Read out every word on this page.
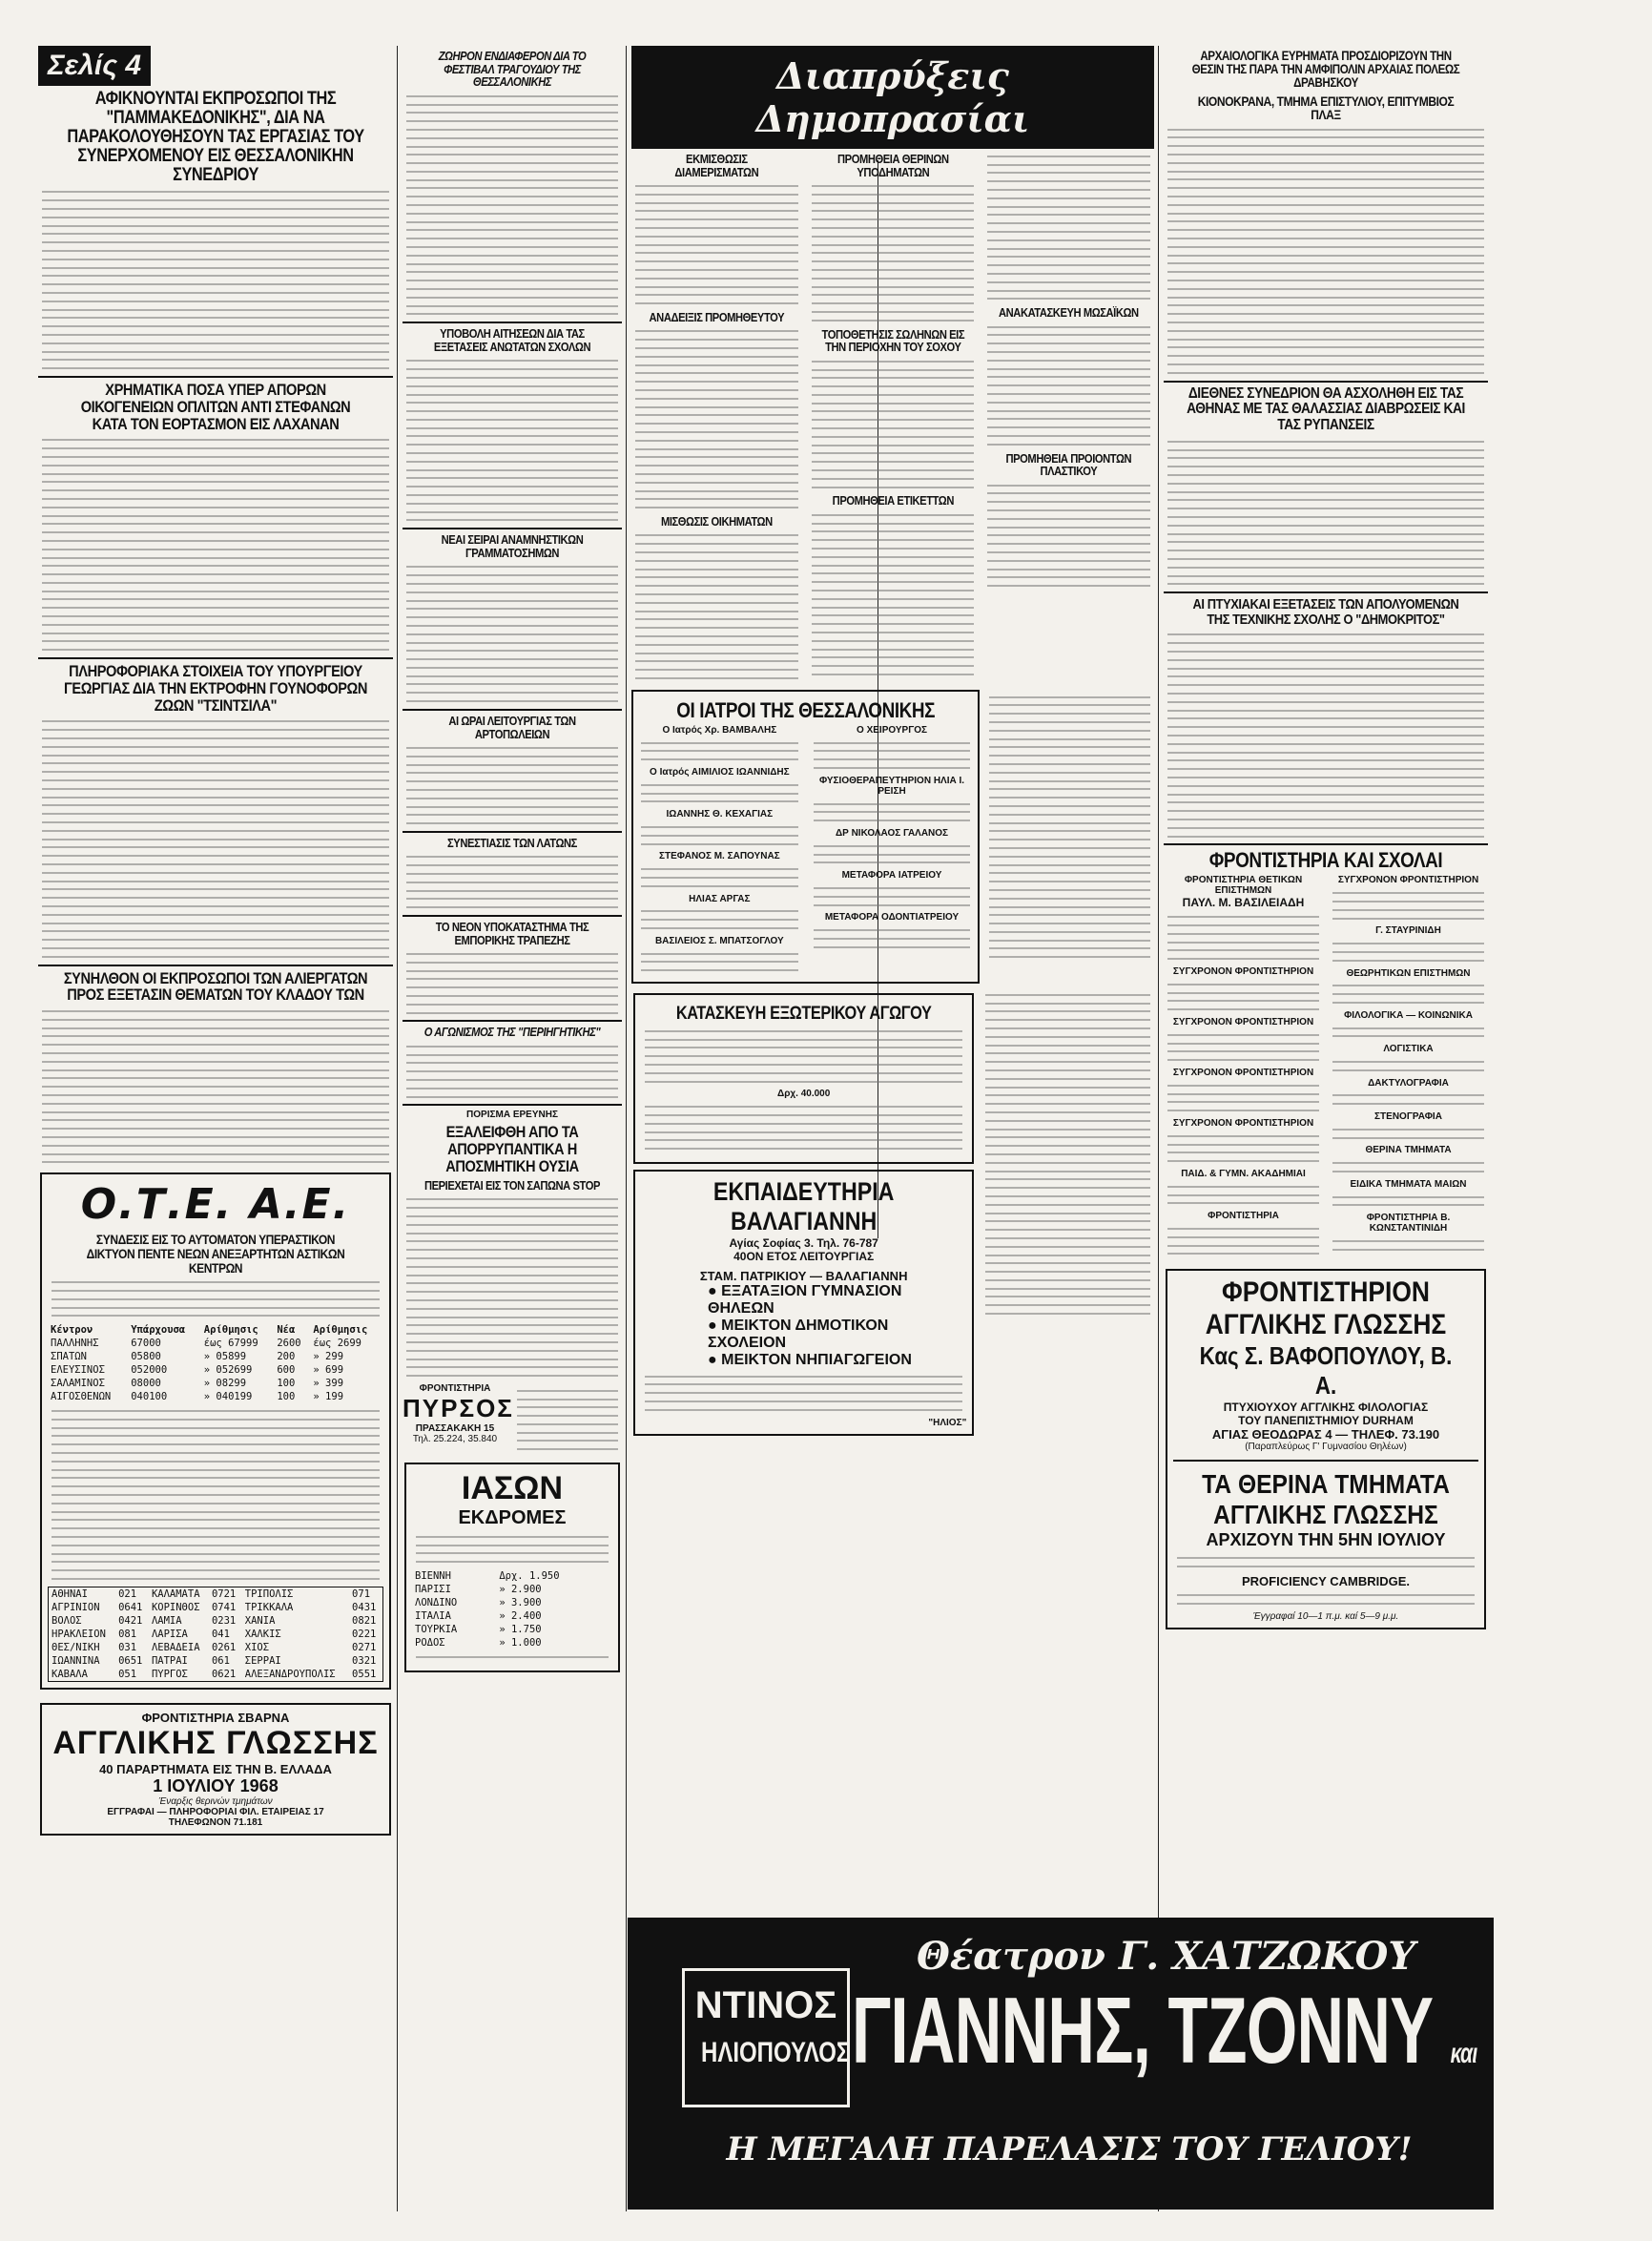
Σελίς 4
ΑΦΙΚΝΟΥΝΤΑΙ ΕΚΠΡΟΣΩΠΟΙ ΤΗΣ "ΠΑΜΜΑΚΕΔΟΝΙΚΗΣ", ΔΙΑ ΝΑ ΠΑΡΑΚΟΛΟΥΘΗΣΟΥΝ ΤΑΣ ΕΡΓΑΣΙΑΣ ΤΟΥ ΣΥΝΕΡΧΟΜΕΝΟΥ ΕΙΣ ΘΕΣΣΑΛΟΝΙΚΗΝ ΣΥΝΕΔΡΙΟΥ
ΧΡΗΜΑΤΙΚΑ ΠΟΣΑ ΥΠΕΡ ΑΠΟΡΩΝ ΟΙΚΟΓΕΝΕΙΩΝ ΟΠΛΙΤΩΝ ΑΝΤΙ ΣΤΕΦΑΝΩΝ ΚΑΤΑ ΤΟΝ ΕΟΡΤΑΣΜΟΝ ΕΙΣ ΛΑΧΑΝΑΝ
ΠΛΗΡΟΦΟΡΙΑΚΑ ΣΤΟΙΧΕΙΑ ΤΟΥ ΥΠΟΥΡΓΕΙΟΥ ΓΕΩΡΓΙΑΣ ΔΙΑ ΤΗΝ ΕΚΤΡΟΦΗΝ ΓΟΥΝΟΦΟΡΩΝ ΖΩΩΝ "ΤΣΙΝΤΣΙΛΑ"
ΣΥΝΗΛΘΟΝ ΟΙ ΕΚΠΡΟΣΩΠΟΙ ΤΩΝ ΑΛΙΕΡΓΑΤΩΝ ΠΡΟΣ ΕΞΕΤΑΣΙΝ ΘΕΜΑΤΩΝ ΤΟΥ ΚΛΑΔΟΥ ΤΩΝ
Ο.Τ.Ε. Α.Ε.
ΣΥΝΔΕΣΙΣ ΕΙΣ ΤΟ ΑΥΤΟΜΑΤΟΝ ΥΠΕΡΑΣΤΙΚΟΝ ΔΙΚΤΥΟΝ ΠΕΝΤΕ ΝΕΩΝ ΑΝΕΞΑΡΤΗΤΩΝ ΑΣΤΙΚΩΝ ΚΕΝΤΡΩΝ
Κέντρον	Υπάρχουσα	Αρίθμησις	Νέα	Αρίθμησις
ΠΑΛΛΗΝΗΣ	67000	έως 67999	2600	έως 2699
ΣΠΑΤΩΝ	05800	» 05899	200	» 299
ΕΛΕΥΣΙΝΟΣ	052000	» 052699	600	» 699
ΣΑΛΑΜΙΝΟΣ	08000	» 08299	100	» 399
ΑΙΓΟΣΘΕΝΩΝ	040100	» 040199	100	» 199
ΑΘΗΝΑΙ	021	ΚΑΛΑΜΑΤΑ	0721	ΤΡΙΠΟΛΙΣ	071
ΑΓΡΙΝΙΟΝ	0641	ΚΟΡΙΝΘΟΣ	0741	ΤΡΙΚΚΑΛΑ	0431
ΒΟΛΟΣ	0421	ΛΑΜΙΑ	0231	ΧΑΝΙΑ	0821
ΗΡΑΚΛΕΙΟΝ	081	ΛΑΡΙΣΑ	041	ΧΑΛΚΙΣ	0221
ΘΕΣ/ΝΙΚΗ	031	ΛΕΒΑΔΕΙΑ	0261	ΧΙΟΣ	0271
ΙΩΑΝΝΙΝΑ	0651	ΠΑΤΡΑΙ	061	ΣΕΡΡΑΙ	0321
ΚΑΒΑΛΑ	051	ΠΥΡΓΟΣ	0621	ΑΛΕΞΑΝΔΡΟΥΠΟΛΙΣ	0551
ΦΡΟΝΤΙΣΤΗΡΙΑ ΣΒΑΡΝΑ
ΑΓΓΛΙΚΗΣ ΓΛΩΣΣΗΣ
40 ΠΑΡΑΡΤΗΜΑΤΑ ΕΙΣ ΤΗΝ Β. ΕΛΛΑΔΑ
1 ΙΟΥΛΙΟΥ 1968
Έναρξις θερινών τμημάτων
ΕΓΓΡΑΦΑΙ — ΠΛΗΡΟΦΟΡΙΑΙ ΦΙΛ. ΕΤΑΙΡΕΙΑΣ 17
ΤΗΛΕΦΩΝΟΝ 71.181
ΖΩΗΡΟΝ ΕΝΔΙΑΦΕΡΟΝ ΔΙΑ ΤΟ ΦΕΣΤΙΒΑΛ ΤΡΑΓΟΥΔΙΟΥ ΤΗΣ ΘΕΣΣΑΛΟΝΙΚΗΣ
ΥΠΟΒΟΛΗ ΑΙΤΗΣΕΩΝ ΔΙΑ ΤΑΣ ΕΞΕΤΑΣΕΙΣ ΑΝΩΤΑΤΩΝ ΣΧΟΛΩΝ
ΝΕΑΙ ΣΕΙΡΑΙ ΑΝΑΜΝΗΣΤΙΚΩΝ ΓΡΑΜΜΑΤΟΣΗΜΩΝ
ΑΙ ΩΡΑΙ ΛΕΙΤΟΥΡΓΙΑΣ ΤΩΝ ΑΡΤΟΠΩΛΕΙΩΝ
ΣΥΝΕΣΤΙΑΣΙΣ ΤΩΝ ΛΑΤΩΝΣ
ΤΟ ΝΕΟΝ ΥΠΟΚΑΤΑΣΤΗΜΑ ΤΗΣ ΕΜΠΟΡΙΚΗΣ ΤΡΑΠΕΖΗΣ
Ο ΑΓΩΝΙΣΜΟΣ ΤΗΣ "ΠΕΡΙΗΓΗΤΙΚΗΣ"
ΠΟΡΙΣΜΑ ΕΡΕΥΝΗΣ
ΕΞΑΛΕΙΦΘΗ ΑΠΟ ΤΑ ΑΠΟΡΡΥΠΑΝΤΙΚΑ Η ΑΠΟΣΜΗΤΙΚΗ ΟΥΣΙΑ
ΠΕΡΙΕΧΕΤΑΙ ΕΙΣ ΤΟΝ ΣΑΠΩΝΑ STOP
ΦΡΟΝΤΙΣΤΗΡΙΑ
ΠΥΡΣΟΣ
ΠΡΑΣΣΑΚΑΚΗ 15
Τηλ. 25.224, 35.840
ΙΑΣΩΝ
ΕΚΔΡΟΜΕΣ
ΒΙΕΝΝΗ	Δρχ. 1.950
ΠΑΡΙΣΙ	» 2.900
ΛΟΝΔΙΝΟ	» 3.900
ΙΤΑΛΙΑ	» 2.400
ΤΟΥΡΚΙΑ	» 1.750
ΡΟΔΟΣ	» 1.000
Διαπρύξεις Δημοπρασίαι
ΕΚΜΙΣΘΩΣΙΣ ΔΙΑΜΕΡΙΣΜΑΤΩΝ
ΑΝΑΔΕΙΞΙΣ ΠΡΟΜΗΘΕΥΤΟΥ
ΜΙΣΘΩΣΙΣ ΟΙΚΗΜΑΤΩΝ
ΠΡΟΜΗΘΕΙΑ ΘΕΡΙΝΩΝ ΥΠΟΔΗΜΑΤΩΝ
ΤΟΠΟΘΕΤΗΣΙΣ ΣΩΛΗΝΩΝ ΕΙΣ ΤΗΝ ΠΕΡΙΟΧΗΝ ΤΟΥ ΣΟΧΟΥ
ΠΡΟΜΗΘΕΙΑ ΕΤΙΚΕΤΤΩΝ
ΑΝΑΚΑΤΑΣΚΕΥΗ ΜΩΣΑΪΚΩΝ
ΠΡΟΜΗΘΕΙΑ ΠΡΟΙΟΝΤΩΝ ΠΛΑΣΤΙΚΟΥ
ΟΙ ΙΑΤΡΟΙ ΤΗΣ ΘΕΣΣΑΛΟΝΙΚΗΣ
Ο Ιατρός Χρ. ΒΑΜΒΑΛΗΣ
Ο Ιατρός ΑΙΜΙΛΙΟΣ ΙΩΑΝΝΙΔΗΣ
ΙΩΑΝΝΗΣ Θ. ΚΕΧΑΓΙΑΣ
ΣΤΕΦΑΝΟΣ Μ. ΣΑΠΟΥΝΑΣ
ΗΛΙΑΣ ΑΡΓΑΣ
ΒΑΣΙΛΕΙΟΣ Σ. ΜΠΑΤΣΟΓΛΟΥ
Ο ΧΕΙΡΟΥΡΓΟΣ
ΦΥΣΙΟΘΕΡΑΠΕΥΤΗΡΙΟΝ ΗΛΙΑ Ι. ΡΕΙΣΗ
ΔΡ ΝΙΚΟΛΑΟΣ ΓΑΛΑΝΟΣ
ΜΕΤΑΦΟΡΑ ΙΑΤΡΕΙΟΥ
ΜΕΤΑΦΟΡΑ ΟΔΟΝΤΙΑΤΡΕΙΟΥ
ΚΑΤΑΣΚΕΥΗ ΕΞΩΤΕΡΙΚΟΥ ΑΓΩΓΟΥ
Δρχ. 40.000
ΕΚΠΑΙΔΕΥΤΗΡΙΑ ΒΑΛΑΓΙΑΝΝΗ
Αγίας Σοφίας 3. Τηλ. 76-787
40ΟΝ ΕΤΟΣ ΛΕΙΤΟΥΡΓΙΑΣ
ΣΤΑΜ. ΠΑΤΡΙΚΙΟΥ — ΒΑΛΑΓΙΑΝΝΗ
● ΕΞΑΤΑΞΙΟΝ ΓΥΜΝΑΣΙΟΝ ΘΗΛΕΩΝ
● ΜΕΙΚΤΟΝ ΔΗΜΟΤΙΚΟΝ ΣΧΟΛΕΙΟΝ
● ΜΕΙΚΤΟΝ ΝΗΠΙΑΓΩΓΕΙΟΝ
"ΗΛΙΟΣ"
ΑΡΧΑΙΟΛΟΓΙΚΑ ΕΥΡΗΜΑΤΑ ΠΡΟΣΔΙΟΡΙΖΟΥΝ ΤΗΝ ΘΕΣΙΝ ΤΗΣ ΠΑΡΑ ΤΗΝ ΑΜΦΙΠΟΛΙΝ ΑΡΧΑΙΑΣ ΠΟΛΕΩΣ ΔΡΑΒΗΣΚΟΥ
ΚΙΟΝΟΚΡΑΝΑ, ΤΜΗΜΑ ΕΠΙΣΤΥΛΙΟΥ, ΕΠΙΤΥΜΒΙΟΣ ΠΛΑΞ
ΔΙΕΘΝΕΣ ΣΥΝΕΔΡΙΟΝ ΘΑ ΑΣΧΟΛΗΘΗ ΕΙΣ ΤΑΣ ΑΘΗΝΑΣ ΜΕ ΤΑΣ ΘΑΛΑΣΣΙΑΣ ΔΙΑΒΡΩΣΕΙΣ ΚΑΙ ΤΑΣ ΡΥΠΑΝΣΕΙΣ
ΑΙ ΠΤΥΧΙΑΚΑΙ ΕΞΕΤΑΣΕΙΣ ΤΩΝ ΑΠΟΛΥΟΜΕΝΩΝ ΤΗΣ ΤΕΧΝΙΚΗΣ ΣΧΟΛΗΣ Ο "ΔΗΜΟΚΡΙΤΟΣ"
ΦΡΟΝΤΙΣΤΗΡΙΑ ΚΑΙ ΣΧΟΛΑΙ
ΦΡΟΝΤΙΣΤΗΡΙΑ ΘΕΤΙΚΩΝ ΕΠΙΣΤΗΜΩΝ
ΠΑΥΛ. Μ. ΒΑΣΙΛΕΙΑΔΗ
ΣΥΓΧΡΟΝΟΝ ΦΡΟΝΤΙΣΤΗΡΙΟΝ
ΣΥΓΧΡΟΝΟΝ ΦΡΟΝΤΙΣΤΗΡΙΟΝ
ΣΥΓΧΡΟΝΟΝ ΦΡΟΝΤΙΣΤΗΡΙΟΝ
ΣΥΓΧΡΟΝΟΝ ΦΡΟΝΤΙΣΤΗΡΙΟΝ
ΠΑΙΔ. & ΓΥΜΝ. ΑΚΑΔΗΜΙΑΙ
ΦΡΟΝΤΙΣΤΗΡΙΑ
ΣΥΓΧΡΟΝΟΝ ΦΡΟΝΤΙΣΤΗΡΙΟΝ
Γ. ΣΤΑΥΡΙΝΙΔΗ
ΘΕΩΡΗΤΙΚΩΝ ΕΠΙΣΤΗΜΩΝ
ΦΙΛΟΛΟΓΙΚΑ — ΚΟΙΝΩΝΙΚΑ
ΛΟΓΙΣΤΙΚΑ
ΔΑΚΤΥΛΟΓΡΑΦΙΑ
ΣΤΕΝΟΓΡΑΦΙΑ
ΘΕΡΙΝΑ ΤΜΗΜΑΤΑ
ΕΙΔΙΚΑ ΤΜΗΜΑΤΑ ΜΑΙΩΝ
ΦΡΟΝΤΙΣΤΗΡΙΑ Β. ΚΩΝΣΤΑΝΤΙΝΙΔΗ
ΦΡΟΝΤΙΣΤΗΡΙΟΝ
ΑΓΓΛΙΚΗΣ ΓΛΩΣΣΗΣ
Κας Σ. ΒΑΦΟΠΟΥΛΟΥ, Β. Α.
ΠΤΥΧΙΟΥΧΟΥ ΑΓΓΛΙΚΗΣ ΦΙΛΟΛΟΓΙΑΣ
ΤΟΥ ΠΑΝΕΠΙΣΤΗΜΙΟΥ DURHAM
ΑΓΙΑΣ ΘΕΟΔΩΡΑΣ 4 — ΤΗΛΕΦ. 73.190
(Παραπλεύρως Γ' Γυμνασίου Θηλέων)
ΤΑ ΘΕΡΙΝΑ ΤΜΗΜΑΤΑ
ΑΓΓΛΙΚΗΣ ΓΛΩΣΣΗΣ
ΑΡΧΙΖΟΥΝ ΤΗΝ 5ΗΝ ΙΟΥΛΙΟΥ
PROFICIENCY CAMBRIDGE.
Έγγραφαί 10—1 π.μ. καί 5—9 μ.μ.
Θέατρον Γ. ΧΑΤΖΩΚΟΥ
ΝΤΙΝΟΣ
ΗΛΙΟΠΟΥΛΟΣ ΓΙΑΝΝΗΣ, ΤΖΟΝΝΥ και ΙΒΑΝ
Η ΜΕΓΑΛΗ ΠΑΡΕΛΑΣΙΣ ΤΟΥ ΓΕΛΙΟΥ!
